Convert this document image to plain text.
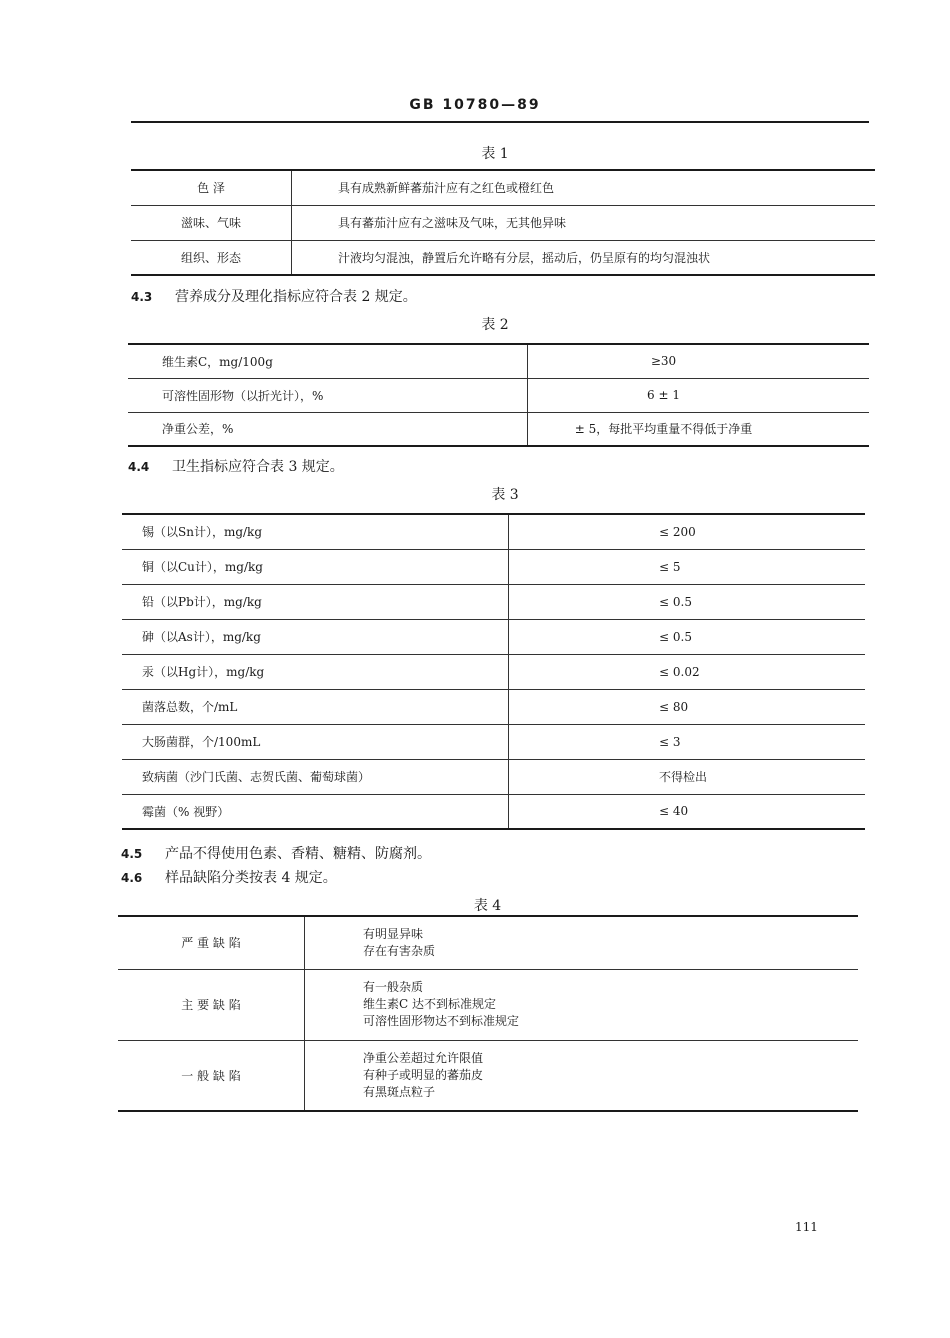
GB 10780—89
表 1
色 泽	具有成熟新鲜蕃茄汁应有之红色或橙红色
滋味、气味	具有蕃茄汁应有之滋味及气味，无其他异味
组织、形态	汁液均匀混浊，静置后允许略有分层，摇动后，仍呈原有的均匀混浊状
4.3 营养成分及理化指标应符合表 2 规定。
表 2
维生素C，mg/100g	≥30
可溶性固形物（以折光计），%	6 ± 1
净重公差，%	± 5，每批平均重量不得低于净重
4.4 卫生指标应符合表 3 规定。
表 3
锡（以Sn计），mg/kg	≤ 200
铜（以Cu计），mg/kg	≤ 5
铅（以Pb计），mg/kg	≤ 0.5
砷（以As计），mg/kg	≤ 0.5
汞（以Hg计），mg/kg	≤ 0.02
菌落总数，个/mL	≤ 80
大肠菌群，个/100mL	≤ 3
致病菌（沙门氏菌、志贺氏菌、葡萄球菌）	不得检出
霉菌（% 视野）	≤ 40
4.5 产品不得使用色素、香精、糖精、防腐剂。
4.6 样品缺陷分类按表 4 规定。
表 4
严 重 缺 陷	有明显异味
存在有害杂质

主 要 缺 陷	有一般杂质
维生素C 达不到标准规定
可溶性固形物达不到标准规定

一 般 缺 陷	净重公差超过允许限值
有种子或明显的蕃茄皮
有黑斑点粒子
111
